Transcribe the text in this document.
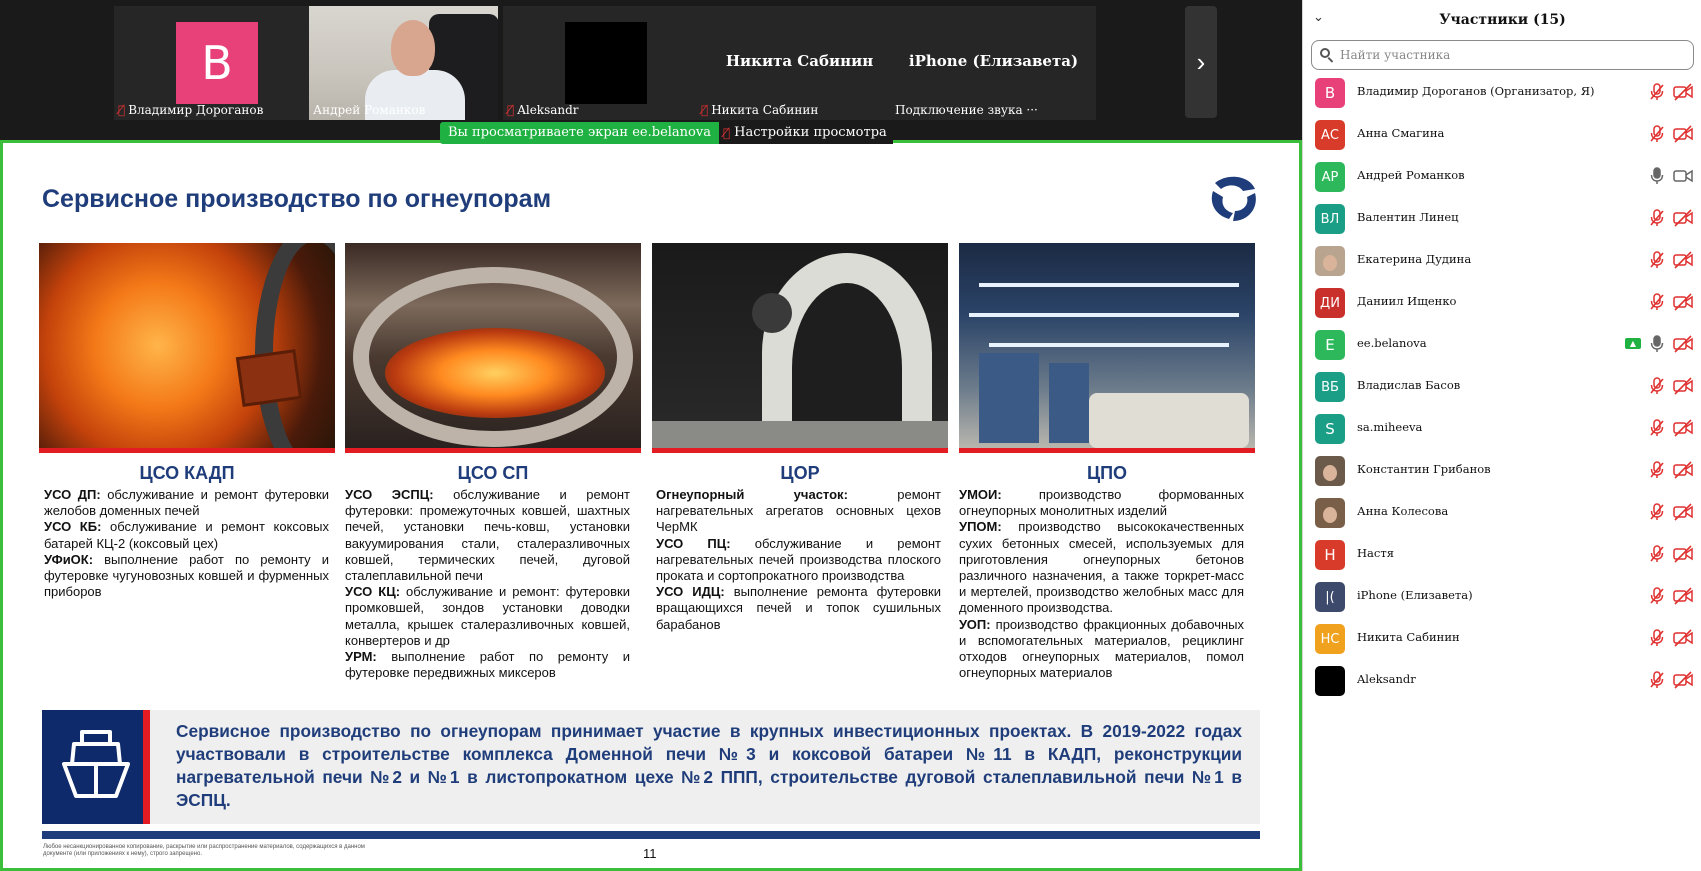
В
🎙̸ Владимир Дороганов	Андрей Романков	🎙̸ Aleksandr
Никита Сабинин
🎙̸ Никита Сабинин
iPhone (Елизавета)
Подключение звука ···
›
Вы просматриваете экран ee.belanova	🎙̸ Настройки просмотра
Сервисное производство по огнеупорам
ЦСО КАДП	ЦСО СП	ЦОР	ЦПО

УСО ДП: обслуживание и ремонт футеровки желобов доменных печей

УСО КБ: обслуживание и ремонт коксовых батарей КЦ-2 (коксовый цех)

УФиОК: выполнение работ по ремонту и футеровке чугуновозных ковшей и фурменных приборов

УСО ЭСПЦ: обслуживание и ремонт футеровки: промежуточных ковшей, шахтных печей, установки печь-ковш, установки вакуумирования стали, сталеразливочных ковшей, термических печей, дуговой сталеплавильной печи

УСО КЦ: обслуживание и ремонт: футеровки промковшей, зондов установки доводки металла, крышек сталеразливочных ковшей, конвертеров и др

УРМ: выполнение работ по ремонту и футеровке передвижных миксеров

Огнеупорный участок: ремонт нагревательных агрегатов основных цехов ЧерМК

УСО ПЦ: обслуживание и ремонт нагревательных печей производства плоского проката и сортопрокатного производства

УСО ИДЦ: выполнение ремонта футеровки вращающихся печей и топок сушильных барабанов

УМОИ: производство формованных огнеупорных монолитных изделий

УПОМ: производство высококачественных сухих бетонных смесей, используемых для приготовления огнеупорных бетонов различного назначения, а также торкрет-масс и мертелей, производство желобных масс для доменного производства.

УОП: производство фракционных добавочных и вспомогательных материалов, рециклинг отходов огнеупорных материалов, помол огнеупорных материалов

Сервисное производство по огнеупорам принимает участие в крупных инвестиционных проектах. В 2019-2022 годах участвовали в строительстве комплекса Доменной печи №3 и коксовой батареи №11 в КАДП, реконструкции нагревательной печи №2 и №1 в листопрокатном цехе №2 ППП, строительстве дуговой сталеплавильной печи №1 в ЭСПЦ.
Любое несанкционированное копирование, раскрытие или распространение материалов, содержащихся в данном документе (или приложениях к нему), строго запрещено.	11
⌄	Участники (15)
Найти участника
В	Владимир Дороганов (Организатор, Я)
АС	Анна Смагина
АР	Андрей Романков
ВЛ	Валентин Линец
Екатерина Дудина
ДИ	Даниил Ищенко
E	ee.belanova	▲
ВБ	Владислав Басов
S	sa.miheeva
Константин Грибанов
Анна Колесова
Н	Настя
|(	iPhone (Елизавета)
НС	Никита Сабинин
Aleksandr
